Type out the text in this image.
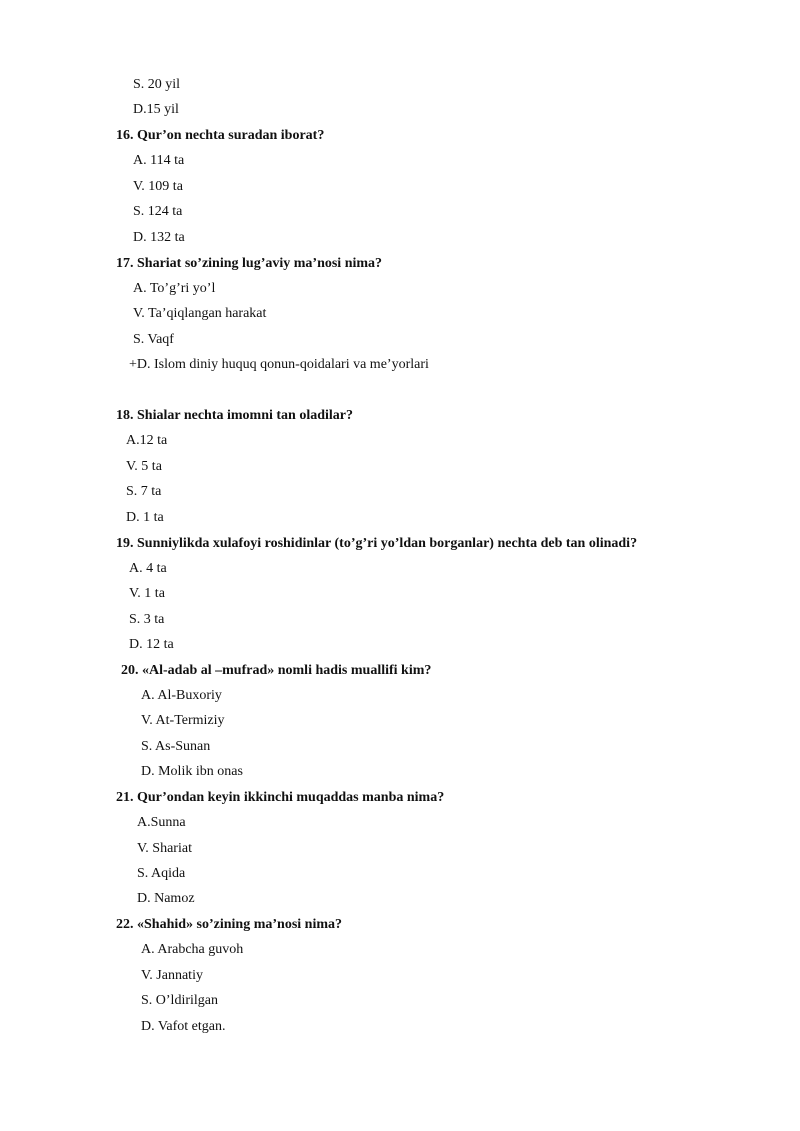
S. 20 yil
D.15 yil
16. Qur’on nechta suradan iborat?
A. 114 ta
V. 109 ta
S. 124 ta
D. 132 ta
17. Shariat so’zining lug’aviy ma’nosi nima?
A. To’g’ri yo’l
V. Ta’qiqlangan harakat
S. Vaqf
+D. Islom diniy huquq qonun-qoidalari va me’yorlari
18. Shialar nechta imomni tan oladilar?
A.12 ta
V. 5 ta
S. 7 ta
D. 1 ta
19. Sunniylikda xulafoyi roshidinlar (to’g’ri yo’ldan borganlar) nechta deb tan olinadi?
A. 4 ta
V. 1 ta
S. 3 ta
D. 12 ta
20. «Al-adab al –mufrad» nomli hadis muallifi kim?
A. Al-Buxoriy
V. At-Termiziy
S. As-Sunan
D. Molik ibn onas
21. Qur’ondan keyin ikkinchi muqaddas manba nima?
A.Sunna
V. Shariat
S. Aqida
D. Namoz
22. «Shahid» so’zining ma’nosi nima?
A. Arabcha guvoh
V. Jannatiy
S. O’ldirilgan
D. Vafot etgan.
